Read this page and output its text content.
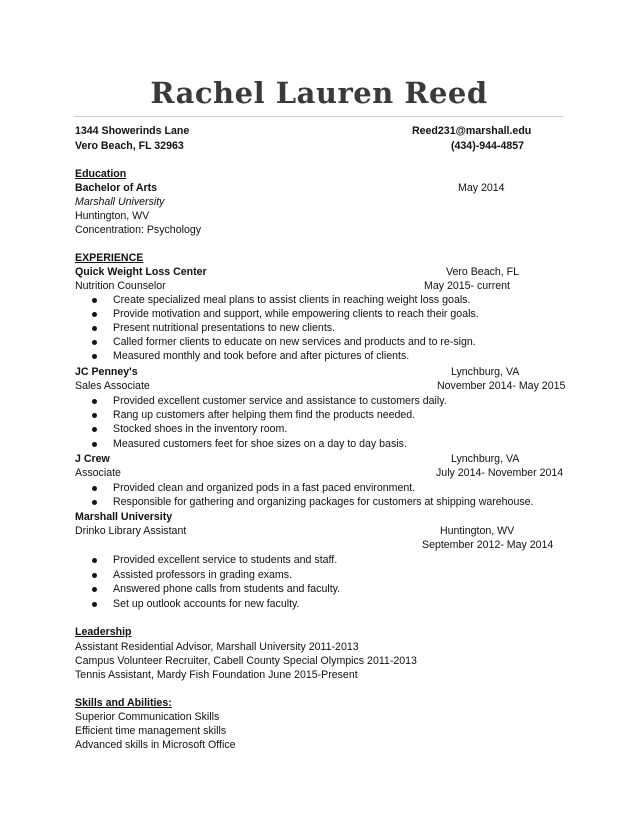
Rachel Lauren Reed
1344 Showerinds Lane
Vero Beach, FL 32963
Reed231@marshall.edu
(434)-944-4857
Education
Bachelor of Arts	May 2014
Marshall University
Huntington, WV
Concentration: Psychology
EXPERIENCE
Quick Weight Loss Center	Vero Beach, FL
Nutrition Counselor	May 2015- current
Create specialized meal plans to assist clients in reaching weight loss goals.
Provide motivation and support, while empowering clients to reach their goals.
Present nutritional presentations to new clients.
Called former clients to educate on new services and products and to re-sign.
Measured monthly and took before and after pictures of clients.
JC Penney's	Lynchburg, VA
Sales Associate	November 2014- May 2015
Provided excellent customer service and assistance to customers daily.
Rang up customers after helping them find the products needed.
Stocked shoes in the inventory room.
Measured customers feet for shoe sizes on a day to day basis.
J Crew	Lynchburg, VA
Associate	July 2014- November 2014
Provided clean and organized pods in a fast paced environment.
Responsible for gathering and organizing packages for customers at shipping warehouse.
Marshall University
Drinko Library Assistant	Huntington, WV
September 2012- May 2014
Provided excellent service to students and staff.
Assisted professors in grading exams.
Answered phone calls from students and faculty.
Set up outlook accounts for new faculty.
Leadership
Assistant Residential Advisor, Marshall University 2011-2013
Campus Volunteer Recruiter, Cabell County Special Olympics 2011-2013
Tennis Assistant, Mardy Fish Foundation June 2015-Present
Skills and Abilities:
Superior Communication Skills
Efficient time management skills
Advanced skills in Microsoft Office
